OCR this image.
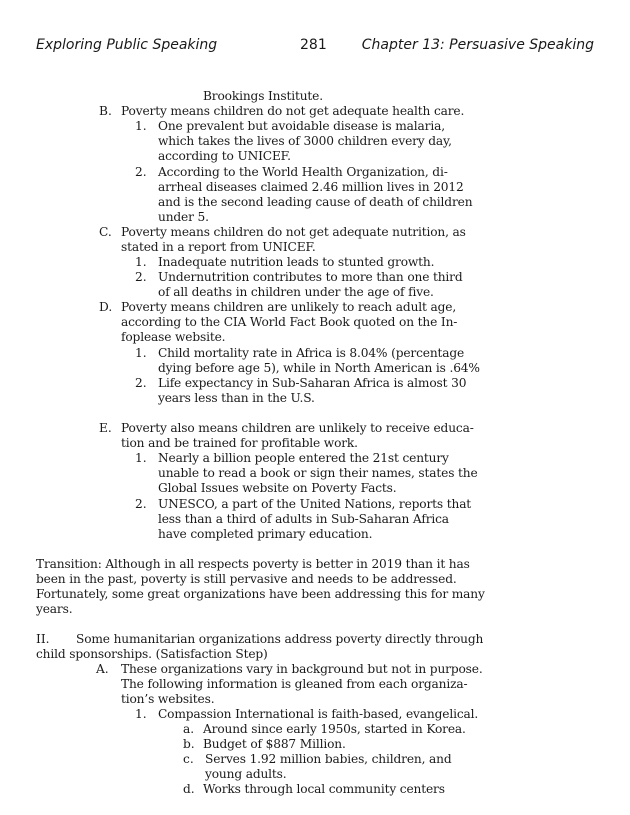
Exploring Public Speaking	281	Chapter 13: Persuasive Speaking
Brookings Institute.
B. Poverty means children do not get adequate health care.
1. One prevalent but avoidable disease is malaria,
which takes the lives of 3000 children every day,
according to UNICEF.
2. According to the World Health Organization, di-
arrheal diseases claimed 2.46 million lives in 2012
and is the second leading cause of death of children
under 5.
C. Poverty means children do not get adequate nutrition, as
stated in a report from UNICEF.
1. Inadequate nutrition leads to stunted growth.
2. Undernutrition contributes to more than one third
of all deaths in children under the age of five.
D. Poverty means children are unlikely to reach adult age,
according to the CIA World Fact Book quoted on the In-
foplease website.
1. Child mortality rate in Africa is 8.04% (percentage
dying before age 5), while in North American is .64%
2. Life expectancy in Sub-Saharan Africa is almost 30
years less than in the U.S.
E. Poverty also means children are unlikely to receive educa-
tion and be trained for profitable work.
1. Nearly a billion people entered the 21st century
unable to read a book or sign their names, states the
Global Issues website on Poverty Facts.
2. UNESCO, a part of the United Nations, reports that
less than a third of adults in Sub-Saharan Africa
have completed primary education.
Transition: Although in all respects poverty is better in 2019 than it has
been in the past, poverty is still pervasive and needs to be addressed.
Fortunately, some great organizations have been addressing this for many
years.
II. Some humanitarian organizations address poverty directly through
child sponsorships. (Satisfaction Step)
A. These organizations vary in background but not in purpose.
The following information is gleaned from each organiza-
tion’s websites.
1. Compassion International is faith-based, evangelical.
a. Around since early 1950s, started in Korea.
b. Budget of $887 Million.
c. Serves 1.92 million babies, children, and
young adults.
d. Works through local community centers
